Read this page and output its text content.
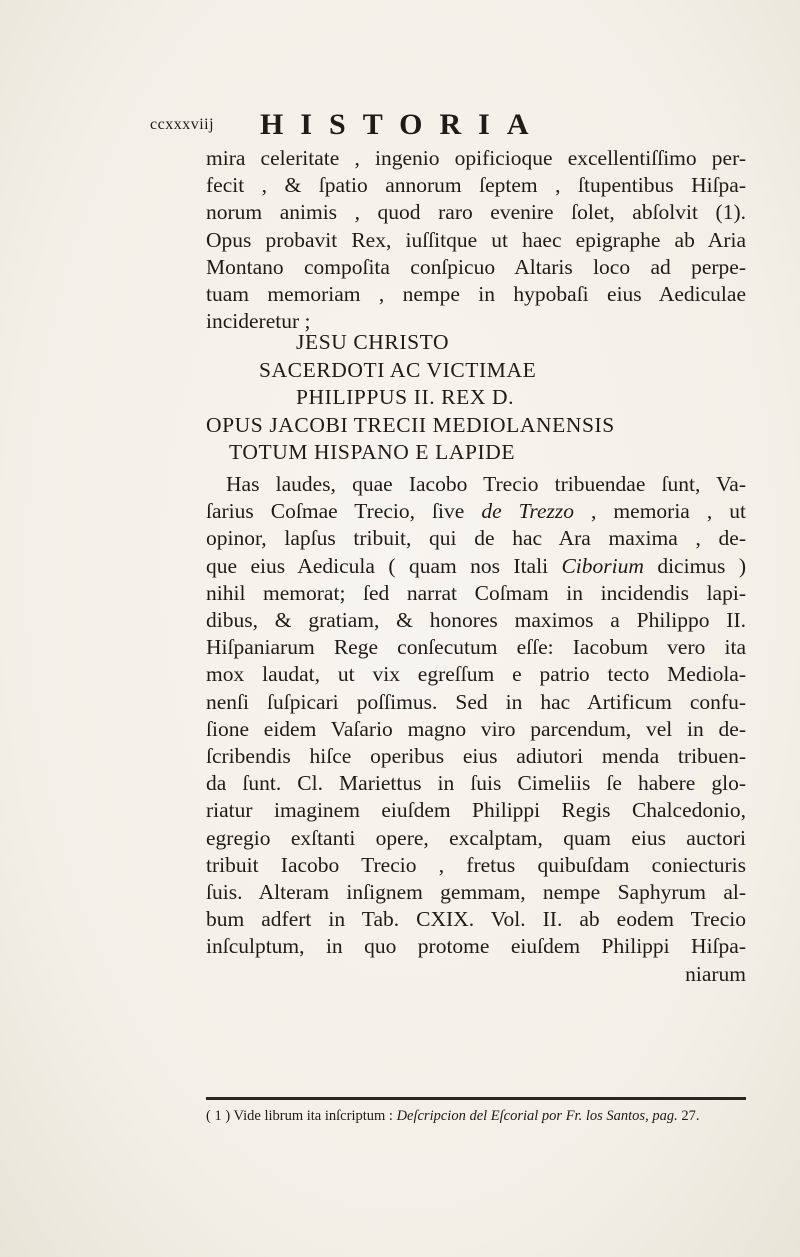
ccxxxviij HISTORIA
mira celeritate , ingenio opificioque excellentiſſimo per-
fecit , & ſpatio annorum ſeptem , ſtupentibus Hiſpa-
norum animis , quod raro evenire ſolet, abſolvit (1).
Opus probavit Rex, iuſſitque ut haec epigraphe ab Aria
Montano compoſita conſpicuo Altaris loco ad perpe-
tuam memoriam , nempe in hypobaſi eius Aediculae
incideretur ;
JESU CHRISTO
SACERDOTI AC VICTIMAE
PHILIPPUS II. REX D.
OPUS JACOBI TRECII MEDIOLANENSIS
TOTUM HISPANO E LAPIDE
Has laudes, quae Iacobo Trecio tribuendae ſunt, Va-
ſarius Coſmae Trecio, ſive de Trezzo , memoria , ut
opinor, lapſus tribuit, qui de hac Ara maxima , de-
que eius Aedicula ( quam nos Itali Ciborium dicimus )
nihil memorat; ſed narrat Coſmam in incidendis lapi-
dibus, & gratiam, & honores maximos a Philippo II.
Hiſpaniarum Rege conſecutum eſſe: Iacobum vero ita
mox laudat, ut vix egreſſum e patrio tecto Mediola-
nenſi ſuſpicari poſſimus. Sed in hac Artificum confu-
ſione eidem Vaſario magno viro parcendum, vel in de-
ſcribendis hiſce operibus eius adiutori menda tribuen-
da ſunt. Cl. Mariettus in ſuis Cimeliis ſe habere glo-
riatur imaginem eiuſdem Philippi Regis Chalcedonio,
egregio exſtanti opere, excalptam, quam eius auctori
tribuit Iacobo Trecio , fretus quibuſdam coniecturis
ſuis. Alteram inſignem gemmam, nempe Saphyrum al-
bum adfert in Tab. CXIX. Vol. II. ab eodem Trecio
inſculptum, in quo protome eiuſdem Philippi Hiſpa-
niarum
( 1 ) Vide librum ita inſcriptum : Deſcripcion del Eſcorial por Fr. los Santos, pag. 27.
